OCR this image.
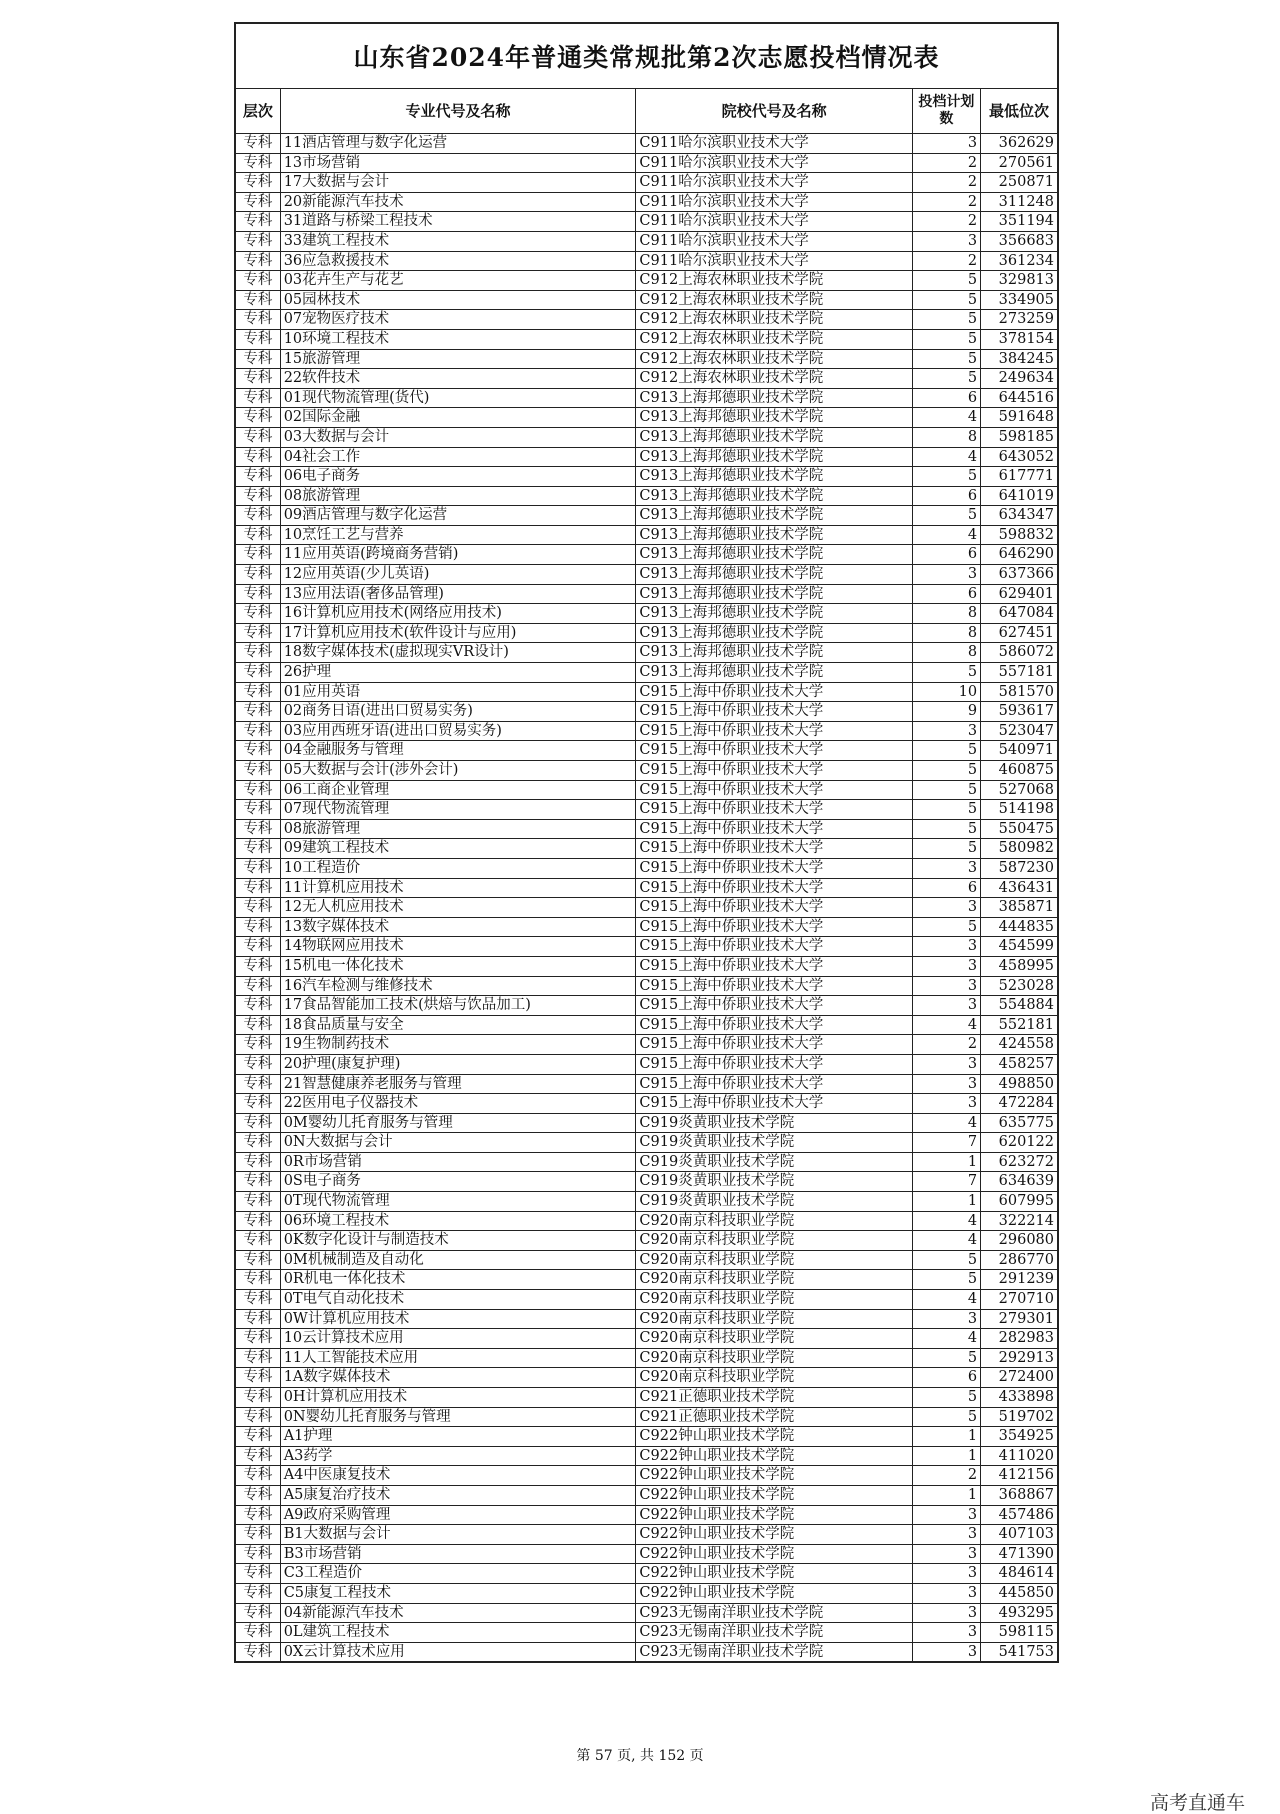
山东省2024年普通类常规批第2次志愿投档情况表
层次	专业代号及名称	院校代号及名称	投档计划数	最低位次
专科	11酒店管理与数字化运营	C911哈尔滨职业技术大学	3	362629
专科	13市场营销	C911哈尔滨职业技术大学	2	270561
专科	17大数据与会计	C911哈尔滨职业技术大学	2	250871
专科	20新能源汽车技术	C911哈尔滨职业技术大学	2	311248
专科	31道路与桥梁工程技术	C911哈尔滨职业技术大学	2	351194
专科	33建筑工程技术	C911哈尔滨职业技术大学	3	356683
专科	36应急救援技术	C911哈尔滨职业技术大学	2	361234
专科	03花卉生产与花艺	C912上海农林职业技术学院	5	329813
专科	05园林技术	C912上海农林职业技术学院	5	334905
专科	07宠物医疗技术	C912上海农林职业技术学院	5	273259
专科	10环境工程技术	C912上海农林职业技术学院	5	378154
专科	15旅游管理	C912上海农林职业技术学院	5	384245
专科	22软件技术	C912上海农林职业技术学院	5	249634
专科	01现代物流管理(货代)	C913上海邦德职业技术学院	6	644516
专科	02国际金融	C913上海邦德职业技术学院	4	591648
专科	03大数据与会计	C913上海邦德职业技术学院	8	598185
专科	04社会工作	C913上海邦德职业技术学院	4	643052
专科	06电子商务	C913上海邦德职业技术学院	5	617771
专科	08旅游管理	C913上海邦德职业技术学院	6	641019
专科	09酒店管理与数字化运营	C913上海邦德职业技术学院	5	634347
专科	10烹饪工艺与营养	C913上海邦德职业技术学院	4	598832
专科	11应用英语(跨境商务营销)	C913上海邦德职业技术学院	6	646290
专科	12应用英语(少儿英语)	C913上海邦德职业技术学院	3	637366
专科	13应用法语(奢侈品管理)	C913上海邦德职业技术学院	6	629401
专科	16计算机应用技术(网络应用技术)	C913上海邦德职业技术学院	8	647084
专科	17计算机应用技术(软件设计与应用)	C913上海邦德职业技术学院	8	627451
专科	18数字媒体技术(虚拟现实VR设计)	C913上海邦德职业技术学院	8	586072
专科	26护理	C913上海邦德职业技术学院	5	557181
专科	01应用英语	C915上海中侨职业技术大学	10	581570
专科	02商务日语(进出口贸易实务)	C915上海中侨职业技术大学	9	593617
专科	03应用西班牙语(进出口贸易实务)	C915上海中侨职业技术大学	3	523047
专科	04金融服务与管理	C915上海中侨职业技术大学	5	540971
专科	05大数据与会计(涉外会计)	C915上海中侨职业技术大学	5	460875
专科	06工商企业管理	C915上海中侨职业技术大学	5	527068
专科	07现代物流管理	C915上海中侨职业技术大学	5	514198
专科	08旅游管理	C915上海中侨职业技术大学	5	550475
专科	09建筑工程技术	C915上海中侨职业技术大学	5	580982
专科	10工程造价	C915上海中侨职业技术大学	3	587230
专科	11计算机应用技术	C915上海中侨职业技术大学	6	436431
专科	12无人机应用技术	C915上海中侨职业技术大学	3	385871
专科	13数字媒体技术	C915上海中侨职业技术大学	5	444835
专科	14物联网应用技术	C915上海中侨职业技术大学	3	454599
专科	15机电一体化技术	C915上海中侨职业技术大学	3	458995
专科	16汽车检测与维修技术	C915上海中侨职业技术大学	3	523028
专科	17食品智能加工技术(烘焙与饮品加工)	C915上海中侨职业技术大学	3	554884
专科	18食品质量与安全	C915上海中侨职业技术大学	4	552181
专科	19生物制药技术	C915上海中侨职业技术大学	2	424558
专科	20护理(康复护理)	C915上海中侨职业技术大学	3	458257
专科	21智慧健康养老服务与管理	C915上海中侨职业技术大学	3	498850
专科	22医用电子仪器技术	C915上海中侨职业技术大学	3	472284
专科	0M婴幼儿托育服务与管理	C919炎黄职业技术学院	4	635775
专科	0N大数据与会计	C919炎黄职业技术学院	7	620122
专科	0R市场营销	C919炎黄职业技术学院	1	623272
专科	0S电子商务	C919炎黄职业技术学院	7	634639
专科	0T现代物流管理	C919炎黄职业技术学院	1	607995
专科	06环境工程技术	C920南京科技职业学院	4	322214
专科	0K数字化设计与制造技术	C920南京科技职业学院	4	296080
专科	0M机械制造及自动化	C920南京科技职业学院	5	286770
专科	0R机电一体化技术	C920南京科技职业学院	5	291239
专科	0T电气自动化技术	C920南京科技职业学院	4	270710
专科	0W计算机应用技术	C920南京科技职业学院	3	279301
专科	10云计算技术应用	C920南京科技职业学院	4	282983
专科	11人工智能技术应用	C920南京科技职业学院	5	292913
专科	1A数字媒体技术	C920南京科技职业学院	6	272400
专科	0H计算机应用技术	C921正德职业技术学院	5	433898
专科	0N婴幼儿托育服务与管理	C921正德职业技术学院	5	519702
专科	A1护理	C922钟山职业技术学院	1	354925
专科	A3药学	C922钟山职业技术学院	1	411020
专科	A4中医康复技术	C922钟山职业技术学院	2	412156
专科	A5康复治疗技术	C922钟山职业技术学院	1	368867
专科	A9政府采购管理	C922钟山职业技术学院	3	457486
专科	B1大数据与会计	C922钟山职业技术学院	3	407103
专科	B3市场营销	C922钟山职业技术学院	3	471390
专科	C3工程造价	C922钟山职业技术学院	3	484614
专科	C5康复工程技术	C922钟山职业技术学院	3	445850
专科	04新能源汽车技术	C923无锡南洋职业技术学院	3	493295
专科	0L建筑工程技术	C923无锡南洋职业技术学院	3	598115
专科	0X云计算技术应用	C923无锡南洋职业技术学院	3	541753
第 57 页, 共 152 页
高考直通车
